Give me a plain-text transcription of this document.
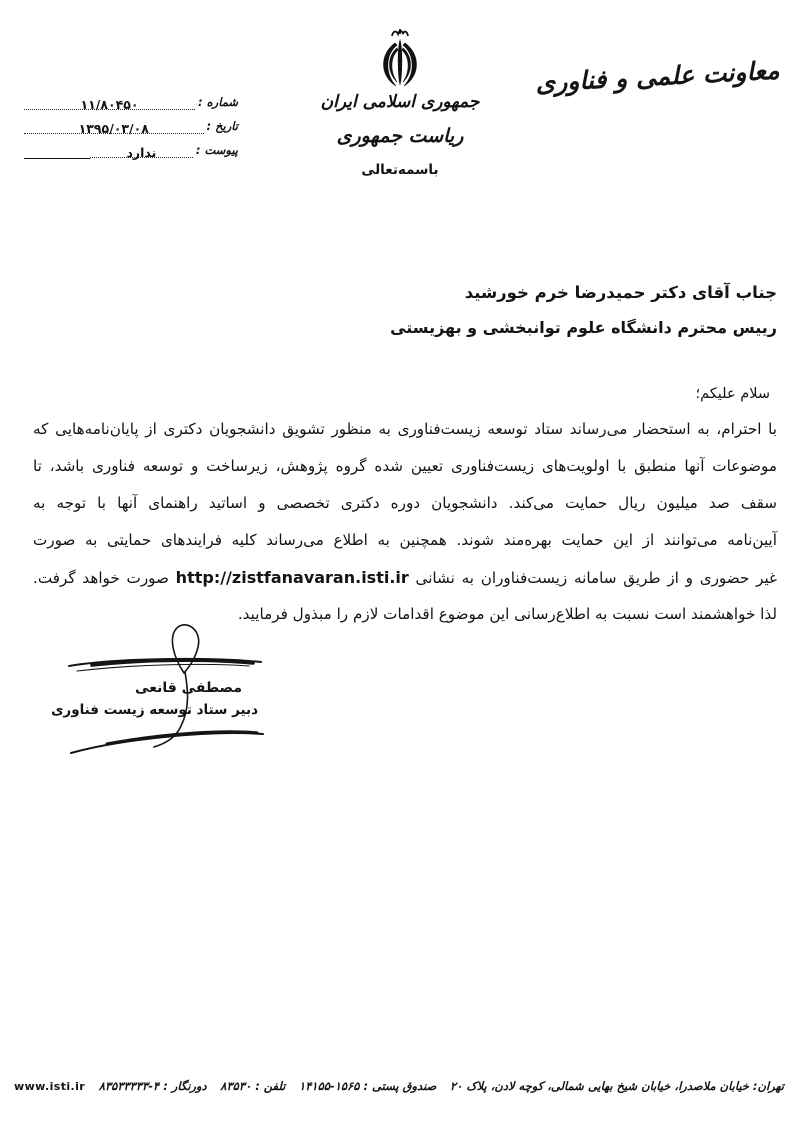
معاونت علمی و فناوری
جمهوری اسلامی ایران
ریاست جمهوری
باسمه‌تعالی
شماره :
۱۱/۸۰۴۵۰
تاریخ :
۱۳۹۵/۰۳/۰۸
پیوست :
ندارد
جناب آقای دکتر حمیدرضا خرم خورشید
رییس محترم دانشگاه علوم توانبخشی و بهزیستی
سلام علیکم؛
با احترام، به استحضار می‌رساند ستاد توسعه زیست‌فناوری به منظور تشویق دانشجویان دکتری از پایان‌نامه‌هایی که
موضوعات آنها منطبق با اولویت‌های زیست‌فناوری تعیین شده گروه پژوهش، زیرساخت و توسعه فناوری باشد، تا
سقف صد میلیون ریال حمایت می‌کند. دانشجویان دوره دکتری تخصصی و اساتید راهنمای آنها با توجه به
آیین‌نامه می‌توانند از این حمایت بهره‌مند شوند. همچنین به اطلاع می‌رساند کلیه فرایندهای حمایتی به صورت
غیر حضوری و از طریق سامانه زیست‌فناوران به نشانی http://zistfanavaran.isti.ir صورت خواهد گرفت.
لذا خواهشمند است نسبت به اطلاع‌رسانی این موضوع اقدامات لازم را مبذول فرمایید.
مصطفی قانعی
دبیر ستاد توسعه زیست فناوری
تهران: خیابان ملاصدرا، خیابان شیخ بهایی شمالی، کوچه لادن، پلاک ۲۰
صندوق پستی : ۱۴۱۵۵-۱۵۶۵
تلفن : ۸۳۵۳۰
دورنگار : ۸۳۵۳۳۳۳۳-۴
www.isti.ir
